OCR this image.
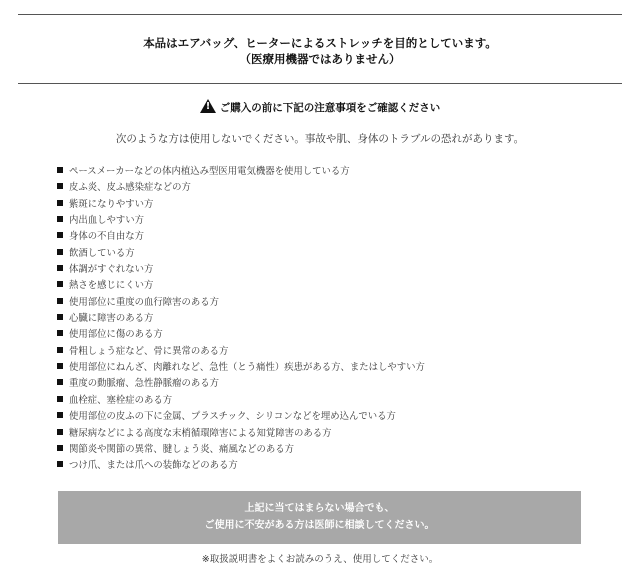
本品はエアバッグ、ヒーターによるストレッチを目的としています。
（医療用機器ではありません）
!ご購入の前に下記の注意事項をご確認ください
次のような方は使用しないでください。事故や肌、身体のトラブルの恐れがあります。
ペースメーカーなどの体内植込み型医用電気機器を使用している方
皮ふ炎、皮ふ感染症などの方
紫斑になりやすい方
内出血しやすい方
身体の不自由な方
飲酒している方
体調がすぐれない方
熱さを感じにくい方
使用部位に重度の血行障害のある方
心臓に障害のある方
使用部位に傷のある方
骨粗しょう症など、骨に異常のある方
使用部位にねんざ、肉離れなど、急性（とう痛性）疾患がある方、またはしやすい方
重度の動脈瘤、急性静脈瘤のある方
血栓症、塞栓症のある方
使用部位の皮ふの下に金属、プラスチック、シリコンなどを埋め込んでいる方
糖尿病などによる高度な末梢循環障害による知覚障害のある方
関節炎や関節の異常、腱しょう炎、痛風などのある方
つけ爪、または爪への装飾などのある方
上記に当てはまらない場合でも、
ご使用に不安がある方は医師に相談してください。
※取扱説明書をよくお読みのうえ、使用してください。
